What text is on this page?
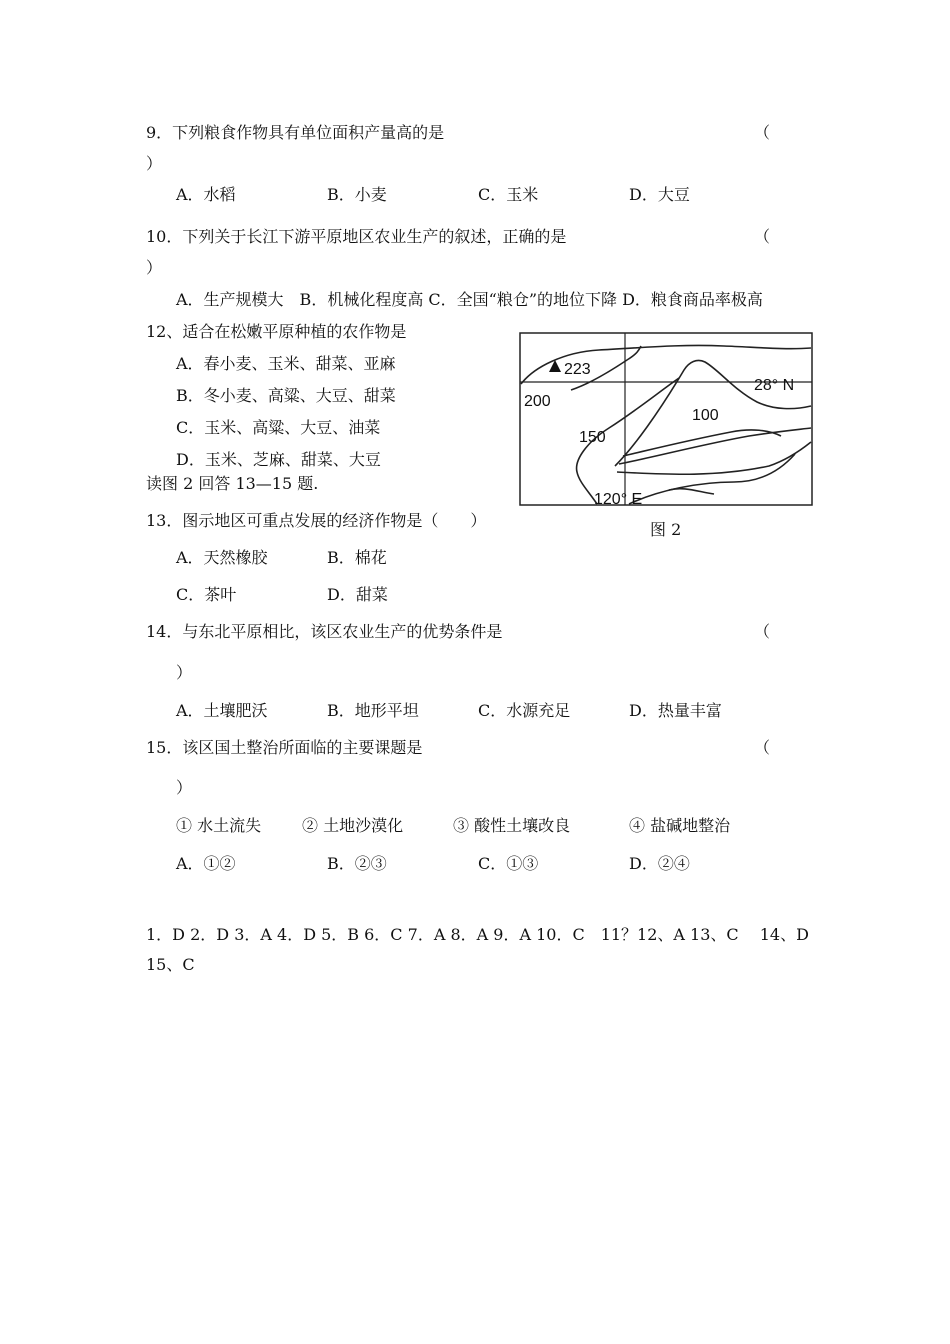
9．下列粮食作物具有单位面积产量高的是	（
）
A．水稻	B．小麦	C．玉米	D．大豆
10．下列关于长江下游平原地区农业生产的叙述，正确的是	（
）
A．生产规模大　B．机械化程度高 C．全国“粮仓”的地位下降 D．粮食商品率极高
12、适合在松嫩平原种植的农作物是
A．春小麦、玉米、甜菜、亚麻
B．冬小麦、高粱、大豆、甜菜
C．玉米、高粱、大豆、油菜
D．玉米、芝麻、甜菜、大豆
读图 2 回答 13—15 题.
223
200
150
100
28° N
120° E
图 2
13．图示地区可重点发展的经济作物是（　　）
A．天然橡胶	B．棉花
C．茶叶	D．甜菜
14．与东北平原相比，该区农业生产的优势条件是	（
）
A．土壤肥沃	B．地形平坦	C．水源充足	D．热量丰富
15．该区国土整治所面临的主要课题是	（
）
① 水土流失	② 土地沙漠化	③ 酸性土壤改良	④ 盐碱地整治
A．①②	B．②③	C．①③	D．②④
1．D 2．D 3．A 4．D 5．B 6．C 7．A 8．A 9．A 10．C　11？12、A 13、C　 14、D
15、C
